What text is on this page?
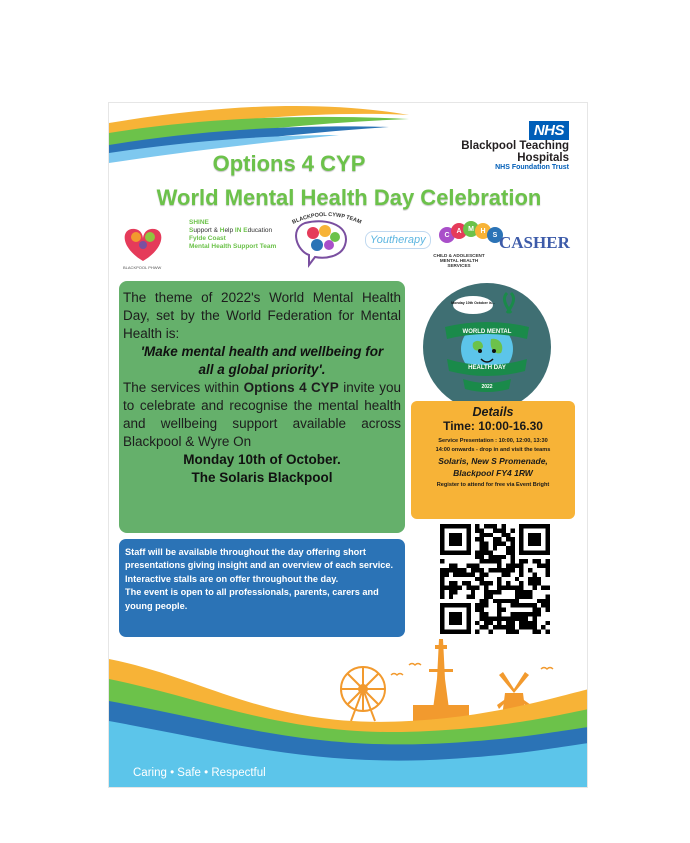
NHS
Blackpool Teaching
Hospitals
NHS Foundation Trust
Options 4 CYP
World Mental Health Day Celebration
BLACKPOOL PHWW
SHINE
Support & Help IN Education
Fylde Coast
Mental Health Support Team
BLACKPOOL CYWP TEAM
Youtherapy	C
A M H
S
CHILD & ADOLESCENT
MENTAL HEALTH SERVICES
CASHER

The theme of 2022's World Mental Health Day, set by the World Federation for Mental Health is:

'Make mental health and wellbeing for

all a global priority'.

The services within Options 4 CYP invite you to celebrate and recognise the mental health and wellbeing support available across Blackpool & Wyre On

Monday 10th of October.

The Solaris Blackpool

Monday 10th October is...
WORLD MENTAL
HEALTH DAY
2022
Details
Time: 10:00-16.30
Service Presentation : 10:00, 12:00, 13:30
14:00 onwards - drop in and visit the teams
Solaris, New S Promenade,
Blackpool FY4 1RW
Register to attend for free via Event Bright

Staff will be available throughout the day offering short presentations giving insight and an overview of each service.

Interactive stalls are on offer throughout the day.

The event is open to all professionals, parents, carers and young people.

Caring • Safe • Respectful
